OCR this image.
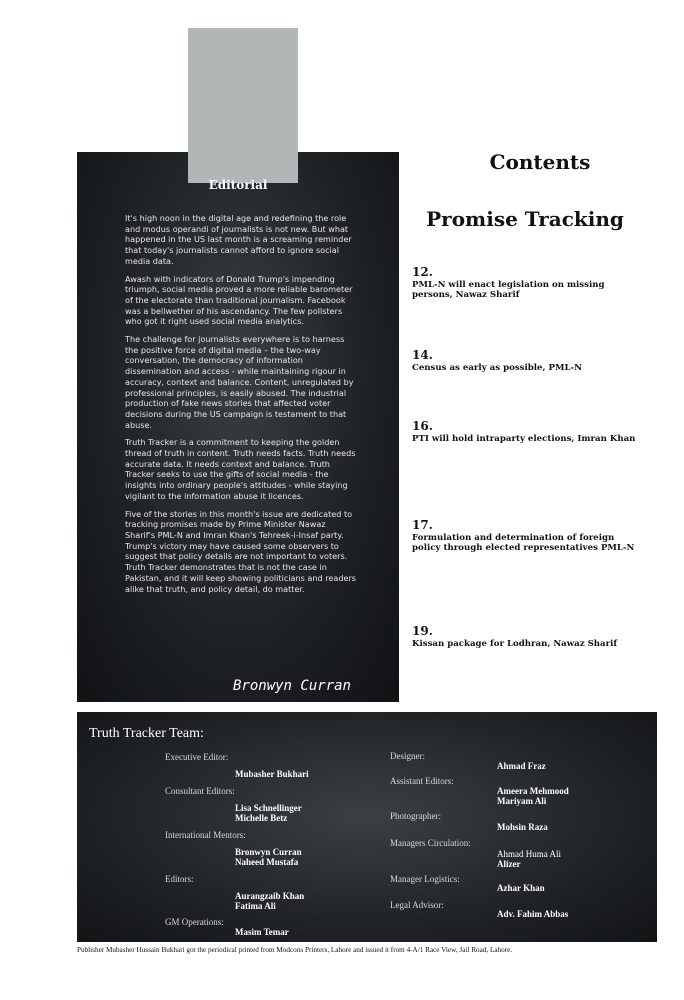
Editorial

It's high noon in the digital age and redefining the role and modus operandi of journalists is not new. But what happened in the US last month is a screaming reminder that today's journalists cannot afford to ignore social media data.

Awash with indicators of Donald Trump's impending triumph, social media proved a more reliable barometer of the electorate than traditional journalism. Facebook was a bellwether of his ascendancy. The few pollsters who got it right used social media analytics.

The challenge for journalists everywhere is to harness the positive force of digital media – the two-way conversation, the democracy of information dissemination and access - while maintaining rigour in accuracy, context and balance. Content, unregulated by professional principles, is easily abused. The industrial production of fake news stories that affected voter decisions during the US campaign is testament to that abuse.

Truth Tracker is a commitment to keeping the golden thread of truth in content. Truth needs facts. Truth needs accurate data. It needs context and balance. Truth Tracker seeks to use the gifts of social media - the insights into ordinary people's attitudes - while staying vigilant to the information abuse it licences.

Five of the stories in this month's issue are dedicated to tracking promises made by Prime Minister Nawaz Sharif's PML-N and Imran Khan's Tehreek-i-Insaf party. Trump's victory may have caused some observers to suggest that policy details are not important to voters. Truth Tracker demonstrates that is not the case in Pakistan, and it will keep showing politicians and readers alike that truth, and policy detail, do matter.

Bronwyn Curran
Contents
Promise Tracking
12.
PML-N will enact legislation on missing persons, Nawaz Sharif
14.
Census as early as possible, PML-N
16.
PTI will hold intraparty elections, Imran Khan
17.
Formulation and determination of foreign policy through elected representatives PML-N
19.
Kissan package for Lodhran, Nawaz Sharif
Truth Tracker Team:
Executive Editor:
Mubasher Bukhari
Consultant Editors:
Lisa Schnellinger
Michelle Betz
International Mentors:
Bronwyn Curran
Naheed Mustafa
Editors:
Aurangzaib Khan
Fatima Ali
GM Operations:
Masim Temar
Designer:
Ahmad Fraz
Assistant Editors:
Ameera Mehmood
Mariyam Ali
Photographer:
Mohsin Raza
Managers Circulation:
Ahmad Huma Ali
Alizer
Manager Logistics:
Azhar Khan
Legal Advisor:
Adv. Fahim Abbas
Publisher Mubasher Hussain Bukhari got the periodical printed from Modcons Printers, Lahore and issued it from 4-A/1 Race View, Jail Road, Lahore.
